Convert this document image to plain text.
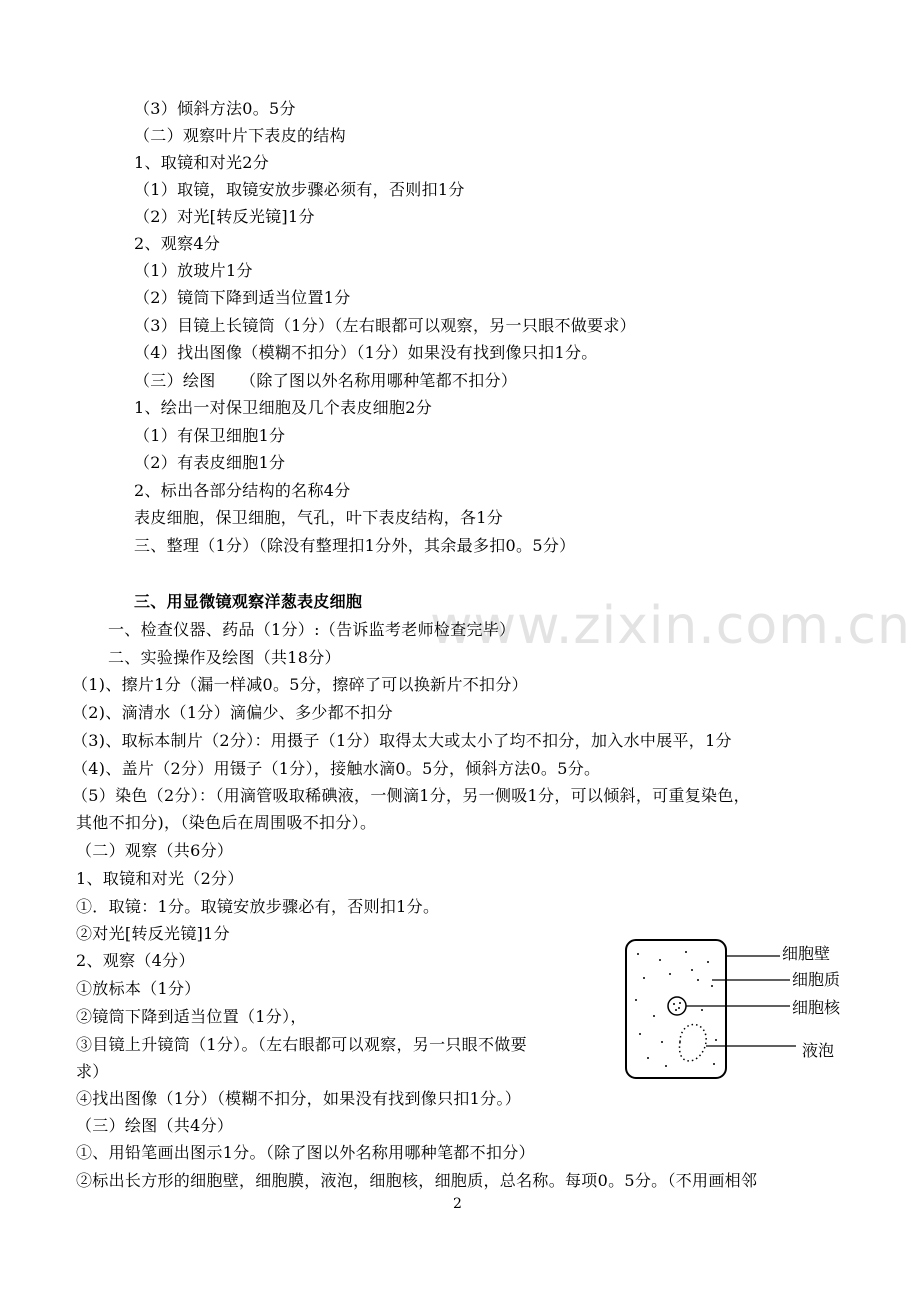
www.zixin.com.cn
（3）倾斜方法0。5分
（二）观察叶片下表皮的结构
1、取镜和对光2分
（1）取镜，取镜安放步骤必须有，否则扣1分
（2）对光[转反光镜]1分
2、观察4分
（1）放玻片1分
（2）镜筒下降到适当位置1分
（3）目镜上长镜筒（1分）（左右眼都可以观察，另一只眼不做要求）
（4）找出图像（模糊不扣分）（1分）如果没有找到像只扣1分。
（三）绘图　　（除了图以外名称用哪种笔都不扣分）
1、绘出一对保卫细胞及几个表皮细胞2分
（1）有保卫细胞1分
（2）有表皮细胞1分
2、标出各部分结构的名称4分
表皮细胞，保卫细胞，气孔，叶下表皮结构，各1分
三、整理（1分）（除没有整理扣1分外，其余最多扣0。5分）
三、用显微镜观察洋葱表皮细胞
一、检查仪器、药品（1分）:（告诉监考老师检查完毕）
二、实验操作及绘图（共18分）
（1)、擦片1分（漏一样减0。5分，擦碎了可以换新片不扣分）
（2)、滴清水（1分）滴偏少、多少都不扣分
（3)、取标本制片（2分）：用摄子（1分）取得太大或太小了均不扣分，加入水中展平，1分
（4)、盖片（2分）用镊子（1分），接触水滴0。5分，倾斜方法0。5分。
（5）染色（2分）：（用滴管吸取稀碘液，一侧滴1分，另一侧吸1分，可以倾斜，可重复染色，
其他不扣分)，（染色后在周围吸不扣分）。
（二）观察（共6分）
1、取镜和对光（2分）
①．取镜：1分。取镜安放步骤必有，否则扣1分。
②对光[转反光镜]1分
2、观察（4分）
①放标本（1分）
②镜筒下降到适当位置（1分），
③目镜上升镜筒（1分）。（左右眼都可以观察，另一只眼不做要
求）
④找出图像（1分）（模糊不扣分，如果没有找到像只扣1分。）
（三）绘图（共4分）
①、用铅笔画出图示1分。（除了图以外名称用哪种笔都不扣分）
②标出长方形的细胞壁，细胞膜，液泡，细胞核，细胞质，总名称。每项0。5分。（不用画相邻
细胞壁
细胞质
细胞核
液泡
2
